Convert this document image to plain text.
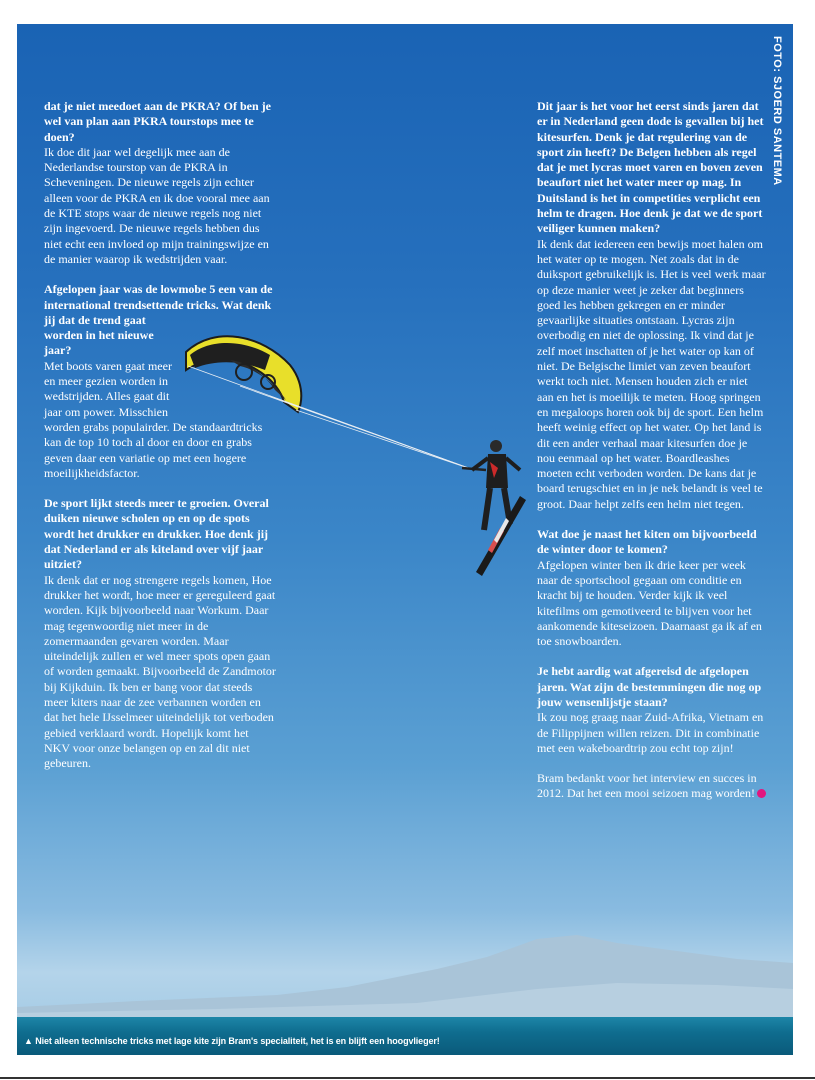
FOTO: SJOERD SANTEMA

dat je niet meedoet aan de PKRA? Of ben je wel van plan aan PKRA tourstops mee te doen?
Ik doe dit jaar wel degelijk mee aan de Nederlandse tourstop van de PKRA in Scheveningen. De nieuwe regels zijn echter alleen voor de PKRA en ik doe vooral mee aan de KTE stops waar de nieuwe regels nog niet zijn ingevoerd. De nieuwe regels hebben dus niet echt een invloed op mijn trainingswijze en de manier waarop ik wedstrijden vaar.

Afgelopen jaar was de lowmobe 5 een van de international trendsettende tricks. Wat denk jij dat de trend gaat
worden in het nieuwe jaar?
Met boots varen gaat meer en meer gezien worden in wedstrijden. Alles gaat dit jaar om power. Misschien
worden grabs populairder. De standaardtricks kan de top 10 toch al door en door en grabs geven daar een variatie op met een hogere moeilijkheidsfactor.

De sport lijkt steeds meer te groeien. Overal duiken nieuwe scholen op en op de spots wordt het drukker en drukker. Hoe denk jij dat Nederland er als kiteland over vijf jaar uitziet?
Ik denk dat er nog strengere regels komen, Hoe drukker het wordt, hoe meer er gereguleerd gaat worden. Kijk bijvoorbeeld naar Workum. Daar mag tegenwoordig niet meer in de zomermaanden gevaren worden. Maar uiteindelijk zullen er wel meer spots open gaan of worden gemaakt. Bijvoorbeeld de Zandmotor bij Kijkduin. Ik ben er bang voor dat steeds meer kiters naar de zee verbannen worden en dat het hele IJsselmeer uiteindelijk tot verboden gebied verklaard wordt. Hopelijk komt het NKV voor onze belangen op en zal dit niet gebeuren.

Dit jaar is het voor het eerst sinds jaren dat er in Nederland geen dode is gevallen bij het kitesurfen. Denk je dat regulering van de sport zin heeft? De Belgen hebben als regel dat je met lycras moet varen en boven zeven beaufort niet het water meer op mag. In Duitsland is het in competities verplicht een helm te dragen. Hoe denk je dat we de sport veiliger kunnen maken?
Ik denk dat iedereen een bewijs moet halen om het water op te mogen. Net zoals dat in de duiksport gebruikelijk is. Het is veel werk maar op deze manier weet je zeker dat beginners goed les hebben gekregen en er minder gevaarlijke situaties ontstaan. Lycras zijn overbodig en niet de oplossing. Ik vind dat je zelf moet inschatten of je het water op kan of niet. De Belgische limiet van zeven beaufort werkt toch niet. Mensen houden zich er niet aan en het is moeilijk te meten. Hoog springen en megaloops horen ook bij de sport. Een helm heeft weinig effect op het water. Op het land is dit een ander verhaal maar kitesurfen doe je nou eenmaal op het water. Boardleashes moeten echt verboden worden. De kans dat je board terugschiet en in je nek belandt is veel te groot. Daar helpt zelfs een helm niet tegen.

Wat doe je naast het kiten om bijvoorbeeld de winter door te komen?
Afgelopen winter ben ik drie keer per week naar de sportschool gegaan om conditie en kracht bij te houden. Verder kijk ik veel kitefilms om gemotiveerd te blijven voor het aankomende kiteseizoen. Daarnaast ga ik af en toe snowboarden.

Je hebt aardig wat afgereisd de afgelopen jaren. Wat zijn de bestemmingen die nog op jouw wensenlijstje staan?
Ik zou nog graag naar Zuid-Afrika, Vietnam en de Filippijnen willen reizen. Dit in combinatie met een wakeboardtrip zou echt top zijn!

Bram bedankt voor het interview en succes in 2012. Dat het een mooi seizoen mag worden!

▲ Niet alleen technische tricks met lage kite zijn Bram's specialiteit, het is en blijft een hoogvlieger!
